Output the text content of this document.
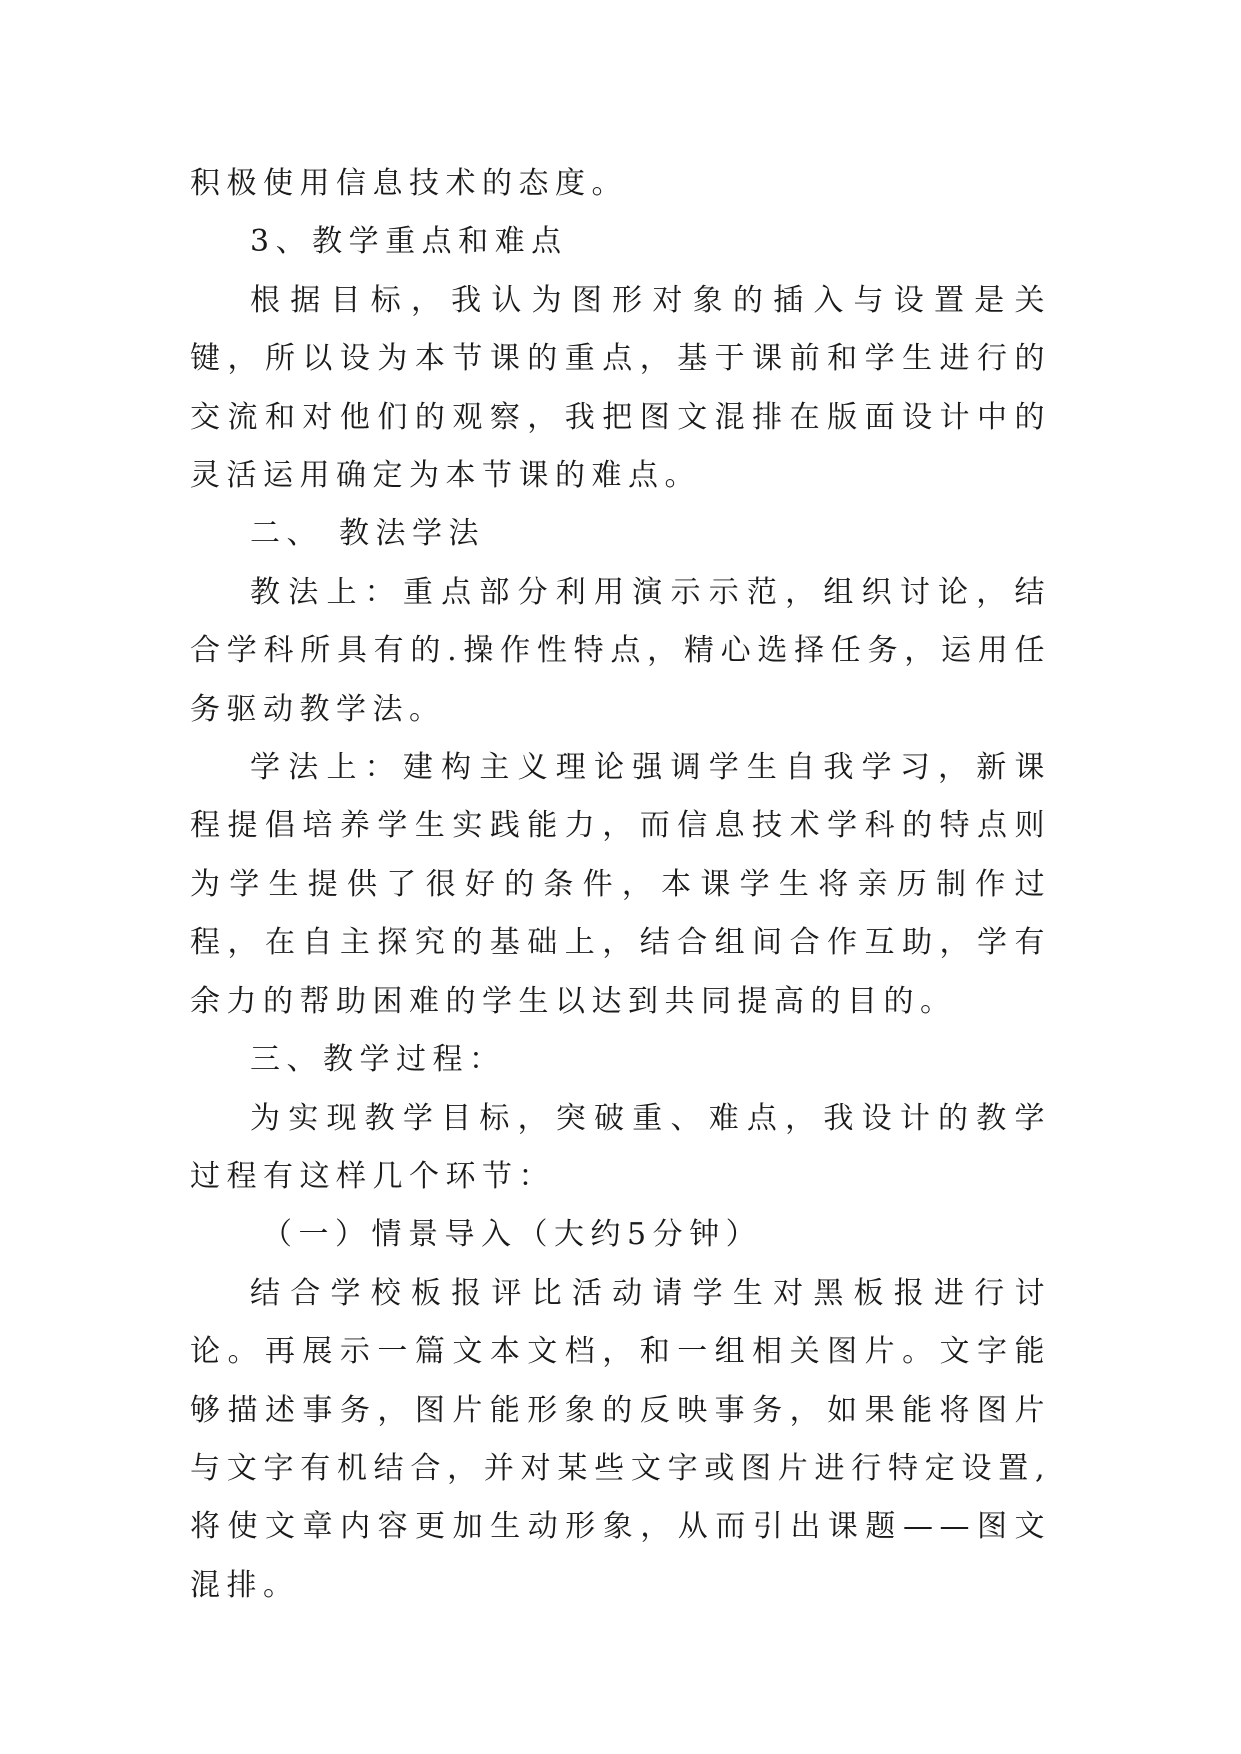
积极使用信息技术的态度。

3、教学重点和难点

根据目标，我认为图形对象的插入与设置是关键，所以设为本节课的重点，基于课前和学生进行的交流和对他们的观察，我把图文混排在版面设计中的灵活运用确定为本节课的难点。

二、 教法学法

教法上：重点部分利用演示示范，组织讨论，结合学科所具有的.操作性特点，精心选择任务，运用任务驱动教学法。

学法上：建构主义理论强调学生自我学习，新课程提倡培养学生实践能力，而信息技术学科的特点则为学生提供了很好的条件，本课学生将亲历制作过程，在自主探究的基础上，结合组间合作互助，学有余力的帮助困难的学生以达到共同提高的目的。

三、教学过程：

为实现教学目标，突破重、难点，我设计的教学过程有这样几个环节：

（一）情景导入（大约5分钟）

结合学校板报评比活动请学生对黑板报进行讨论。再展示一篇文本文档，和一组相关图片。文字能够描述事务，图片能形象的反映事务，如果能将图片与文字有机结合，并对某些文字或图片进行特定设置,将使文章内容更加生动形象，从而引出课题——图文混排。
